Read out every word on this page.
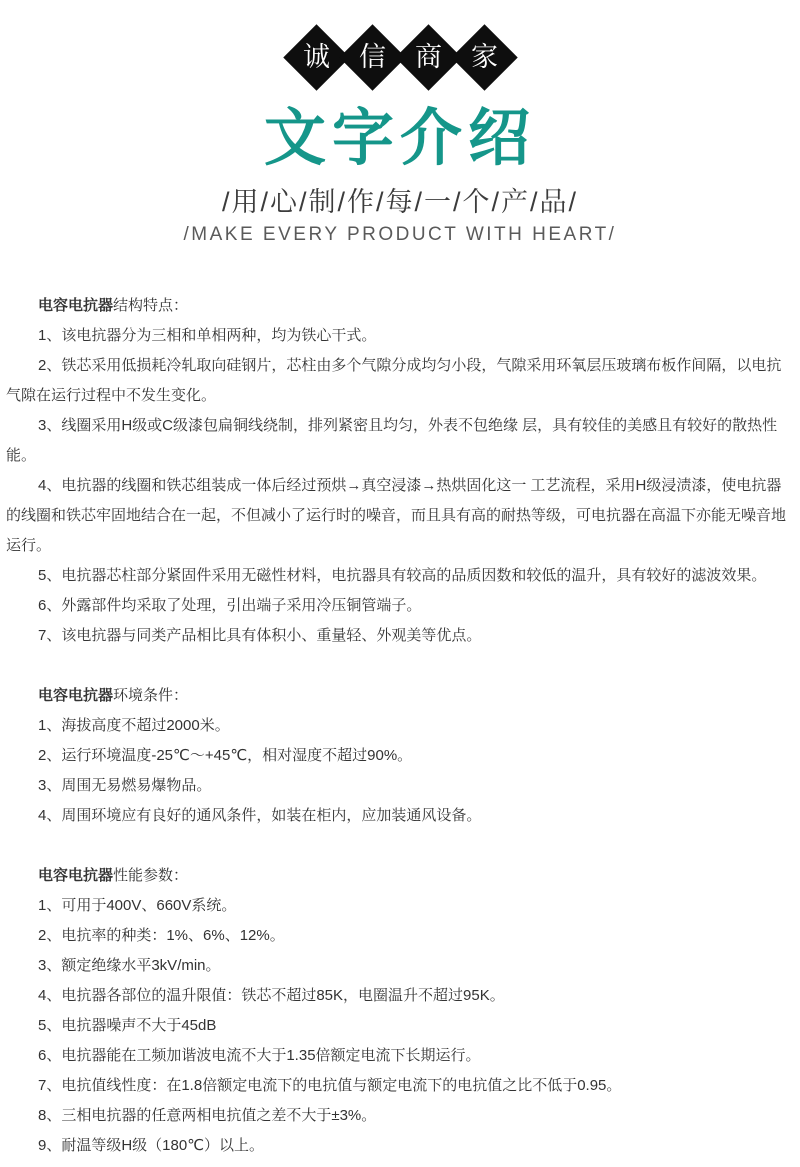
诚 信 商 家
文字介绍
/用/心/制/作/每/一/个/产/品/
/MAKE EVERY PRODUCT WITH HEART/

电容电抗器结构特点：

1、该电抗器分为三相和单相两种，均为铁心干式。

2、铁芯采用低损耗冷轧取向硅钢片，芯柱由多个气隙分成均匀小段，气隙采用环氧层压玻璃布板作间隔，以电抗气隙在运行过程中不发生变化。

3、线圈采用H级或C级漆包扁铜线绕制，排列紧密且均匀，外表不包绝缘 层，具有较佳的美感且有较好的散热性能。

4、电抗器的线圈和铁芯组装成一体后经过预烘→真空浸漆→热烘固化这一 工艺流程，采用H级浸渍漆，使电抗器的线圈和铁芯牢固地结合在一起，不但减小了运行时的噪音，而且具有高的耐热等级，可电抗器在高温下亦能无噪音地运行。

5、电抗器芯柱部分紧固件采用无磁性材料，电抗器具有较高的品质因数和较低的温升，具有较好的滤波效果。

6、外露部件均采取了处理，引出端子采用冷压铜管端子。

7、该电抗器与同类产品相比具有体积小、重量轻、外观美等优点。

电容电抗器环境条件：

1、海拔高度不超过2000米。

2、运行环境温度-25℃～+45℃，相对湿度不超过90%。

3、周围无易燃易爆物品。

4、周围环境应有良好的通风条件，如装在柜内，应加装通风设备。

电容电抗器性能参数：

1、可用于400V、660V系统。

2、电抗率的种类：1%、6%、12%。

3、额定绝缘水平3kV/min。

4、电抗器各部位的温升限值：铁芯不超过85K，电圈温升不超过95K。

5、电抗器噪声不大于45dB

6、电抗器能在工频加谐波电流不大于1.35倍额定电流下长期运行。

7、电抗值线性度：在1.8倍额定电流下的电抗值与额定电流下的电抗值之比不低于0.95。

8、三相电抗器的任意两相电抗值之差不大于±3%。

9、耐温等级H级（180℃）以上。
